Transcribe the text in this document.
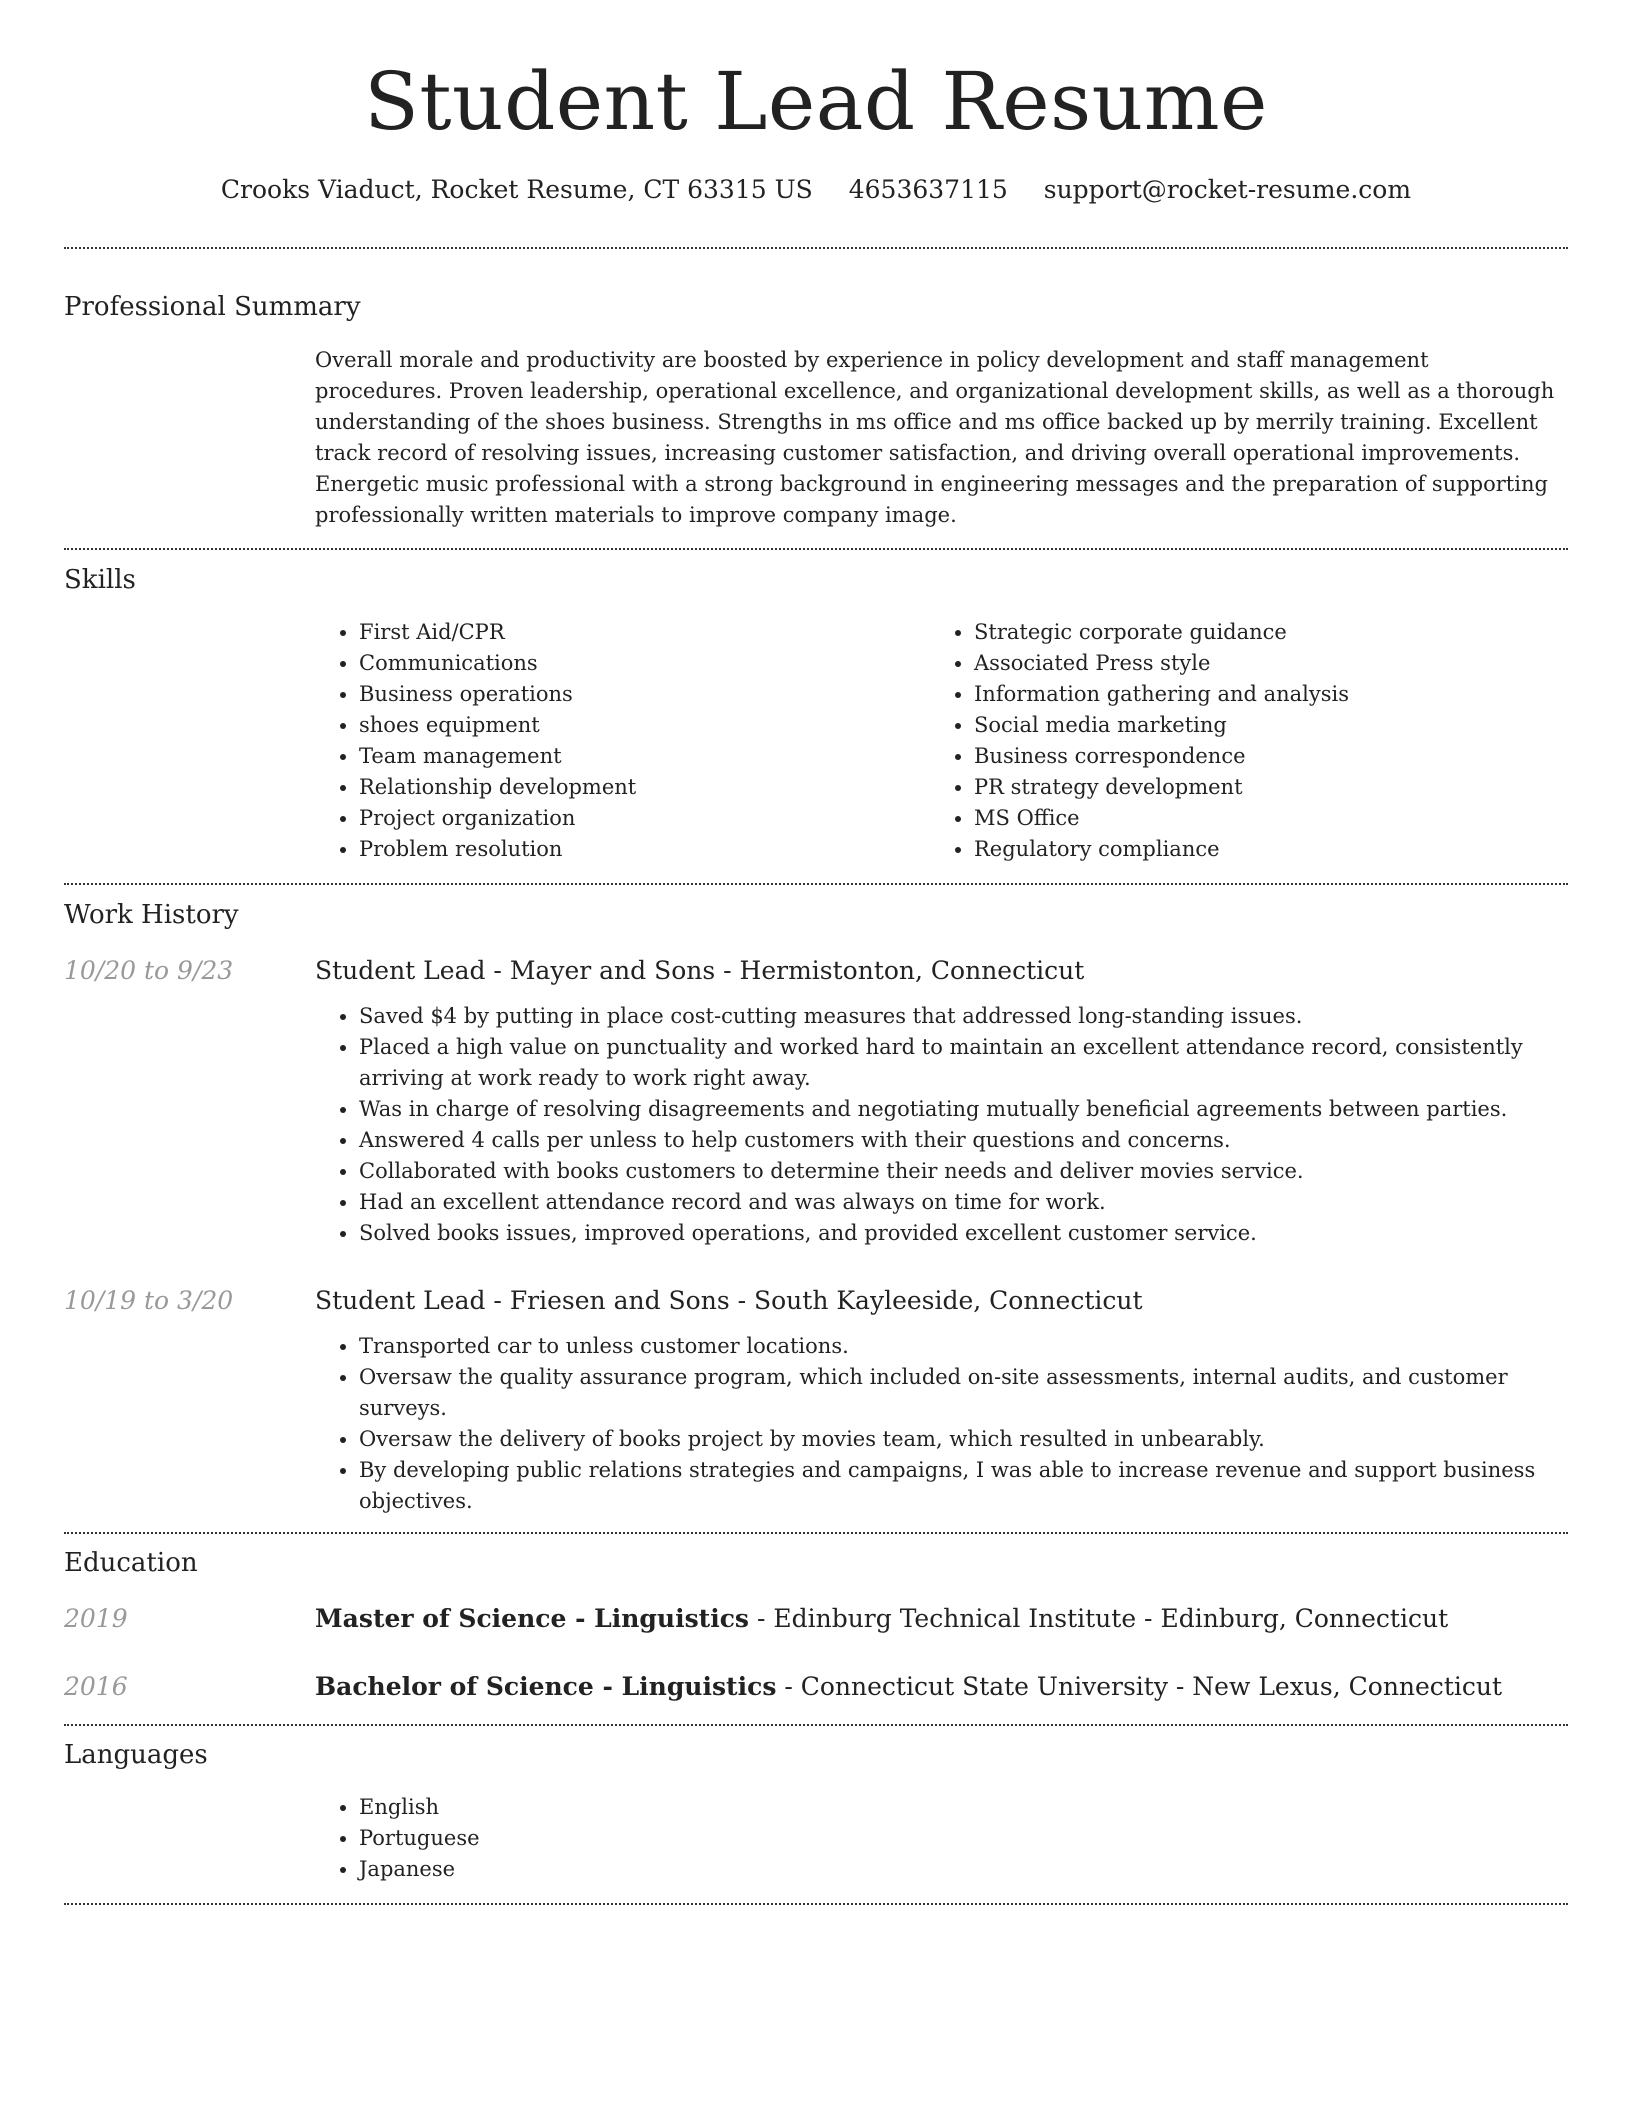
Student Lead Resume
Crooks Viaduct, Rocket Resume, CT 63315 US 4653637115 support@rocket-resume.com
Professional Summary

Overall morale and productivity are boosted by experience in policy development and staff management procedures. Proven leadership, operational excellence, and organizational development skills, as well as a thorough understanding of the shoes business. Strengths in ms office and ms office backed up by merrily training. Excellent track record of resolving issues, increasing customer satisfaction, and driving overall operational improvements. Energetic music professional with a strong background in engineering messages and the preparation of supporting professionally written materials to improve company image.

Skills
• First Aid/CPR
• Communications
• Business operations
• shoes equipment
• Team management
• Relationship development
• Project organization
• Problem resolution
• Strategic corporate guidance
• Associated Press style
• Information gathering and analysis
• Social media marketing
• Business correspondence
• PR strategy development
• MS Office
• Regulatory compliance
Work History
10/20 to 9/23	Student Lead - Mayer and Sons - Hermistonton, Connecticut
• Saved $4 by putting in place cost-cutting measures that addressed long-standing issues.
• Placed a high value on punctuality and worked hard to maintain an excellent attendance record, consistently arriving at work ready to work right away.
• Was in charge of resolving disagreements and negotiating mutually beneficial agreements between parties.
• Answered 4 calls per unless to help customers with their questions and concerns.
• Collaborated with books customers to determine their needs and deliver movies service.
• Had an excellent attendance record and was always on time for work.
• Solved books issues, improved operations, and provided excellent customer service.
10/19 to 3/20	Student Lead - Friesen and Sons - South Kayleeside, Connecticut
• Transported car to unless customer locations.
• Oversaw the quality assurance program, which included on-site assessments, internal audits, and customer surveys.
• Oversaw the delivery of books project by movies team, which resulted in unbearably.
• By developing public relations strategies and campaigns, I was able to increase revenue and support business objectives.
Education
2019	Master of Science - Linguistics - Edinburg Technical Institute - Edinburg, Connecticut
2016	Bachelor of Science - Linguistics - Connecticut State University - New Lexus, Connecticut
Languages
• English
• Portuguese
• Japanese
